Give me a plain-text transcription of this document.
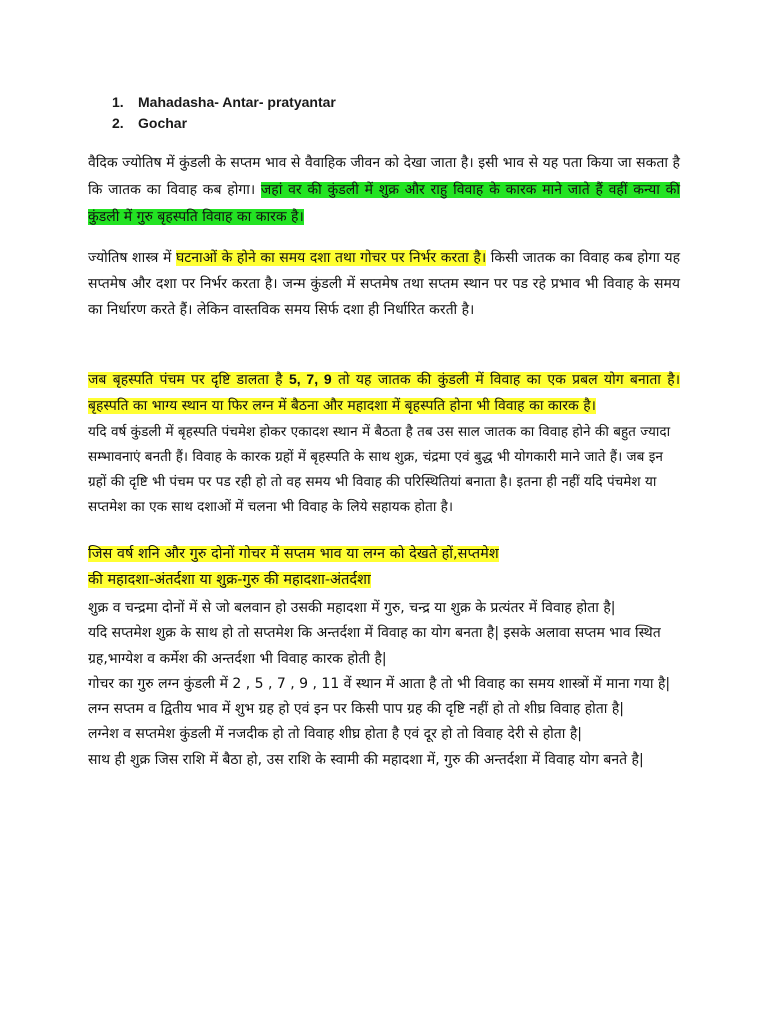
1. Mahadasha- Antar- pratyantar
2. Gochar

वैदिक ज्योतिष में कुंडली के सप्तम भाव से वैवाहिक जीवन को देखा जाता है। इसी भाव से यह पता किया जा सकता है कि जातक का विवाह कब होगा। जहां वर की कुंडली में शुक्र और राहु विवाह के कारक माने जाते हैं वहीं कन्या की कुंडली में गुरु बृहस्पति विवाह का कारक है।

ज्योतिष शास्त्र में घटनाओं के होने का समय दशा तथा गोचर पर निर्भर करता है। किसी जातक का विवाह कब होगा यह सप्तमेष और दशा पर निर्भर करता है। जन्म कुंडली में सप्तमेष तथा सप्तम स्थान पर पड रहे प्रभाव भी विवाह के समय का निर्धारण करते हैं। लेकिन वास्तविक समय सिर्फ दशा ही निर्धारित करती है।

जब बृहस्पति पंचम पर दृष्टि डालता है 5, 7, 9 तो यह जातक की कुंडली में विवाह का एक प्रबल योग बनाता है। बृहस्पति का भाग्य स्थान या फिर लग्न में बैठना और महादशा में बृहस्पति होना भी विवाह का कारक है।

यदि वर्ष कुंडली में बृहस्पति पंचमेश होकर एकादश स्थान में बैठता है तब उस साल जातक का विवाह होने की बहुत ज्यादा सम्भावनाएं बनती हैं। विवाह के कारक ग्रहों में बृहस्पति के साथ शुक्र, चंद्रमा एवं बुद्ध भी योगकारी माने जाते हैं। जब इन ग्रहों की दृष्टि भी पंचम पर पड रही हो तो वह समय भी विवाह की परिस्थितियां बनाता है। इतना ही नहीं यदि पंचमेश या सप्तमेश का एक साथ दशाओं में चलना भी विवाह के लिये सहायक होता है।

जिस वर्ष शनि और गुरु दोनों गोचर में सप्तम भाव या लग्न को देखते हों,सप्तमेश
की महादशा-अंतर्दशा या शुक्र-गुरु की महादशा-अंतर्दशा

शुक्र व चन्द्रमा दोनों में से जो बलवान हो उसकी महादशा में गुरु, चन्द्र या शुक्र के प्रत्यंतर में विवाह होता है|
यदि सप्तमेश शुक्र के साथ हो तो सप्तमेश कि अन्तर्दशा में विवाह का योग बनता है| इसके अलावा सप्तम भाव स्थित ग्रह,भाग्येश व कर्मेश की अन्तर्दशा भी विवाह कारक होती है|
गोचर का गुरु लग्न कुंडली में 2 , 5 , 7 , 9 , 11 वें स्थान में आता है तो भी विवाह का समय शास्त्रों में माना गया है|
लग्न सप्तम व द्वितीय भाव में शुभ ग्रह हो एवं इन पर किसी पाप ग्रह की दृष्टि नहीं हो तो शीघ्र विवाह होता है|
लग्नेश व सप्तमेश कुंडली में नजदीक हो तो विवाह शीघ्र होता है एवं दूर हो तो विवाह देरी से होता है|
साथ ही शुक्र जिस राशि में बैठा हो, उस राशि के स्वामी की महादशा में, गुरु की अन्तर्दशा में विवाह योग बनते है|
